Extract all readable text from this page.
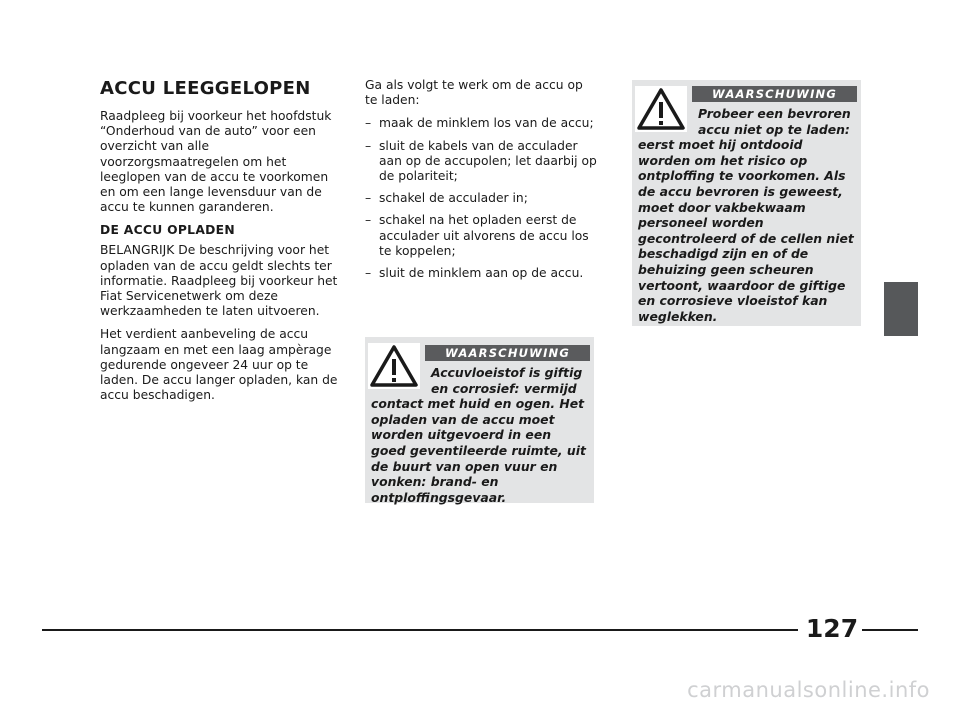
ACCU LEEGGELOPEN

Raadpleeg bij voorkeur het hoofdstuk “Onderhoud van de auto” voor een overzicht van alle voorzorgsmaatregelen om het leeglopen van de accu te voorkomen en om een lange levensduur van de accu te kunnen garanderen.

DE ACCU OPLADEN

BELANGRIJK De beschrijving voor het opladen van de accu geldt slechts ter informatie. Raadpleeg bij voorkeur het Fiat Servicenetwerk om deze werkzaamheden te laten uitvoeren.

Het verdient aanbeveling de accu langzaam en met een laag ampèrage gedurende ongeveer 24 uur op te laden. De accu langer opladen, kan de accu beschadigen.

Ga als volgt te werk om de accu op te laden:

– maak de minklem los van de accu;
– sluit de kabels van de acculader aan op de accupolen; let daarbij op de polariteit;
– schakel de acculader in;
– schakel na het opladen eerst de acculader uit alvorens de accu los te koppelen;
– sluit de minklem aan op de accu.
WAARSCHUWING

Accuvloeistof is giftig en corrosief: vermijd contact met huid en ogen. Het opladen van de accu moet worden uitgevoerd in een goed geventileerde ruimte, uit de buurt van open vuur en vonken: brand- en ontploffingsgevaar.

WAARSCHUWING

Probeer een bevroren accu niet op te laden: eerst moet hij ontdooid worden om het risico op ontploffing te voorkomen. Als de accu bevroren is geweest, moet door vakbekwaam personeel worden gecontroleerd of de cellen niet beschadigd zijn en of de behuizing geen scheuren vertoont, waardoor de giftige en corrosieve vloeistof kan weglekken.

127
carmanualsonline.info
